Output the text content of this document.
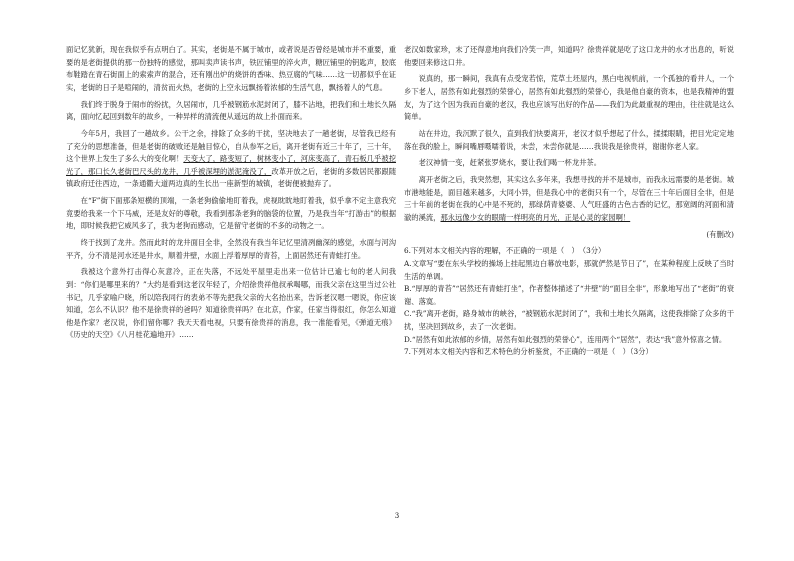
面记忆犹新，现在我似乎有点明白了。其实，老街是不属于城市，或者说是否曾经是城市并不重要，重要的是老街提供的那一份独特的感觉，那叫卖声读书声，铁匠铺里的淬火声，糖匠铺里的钥匙声，胶底布鞋踏在青石街面上的索索声的混合，还有刚出炉的烧饼的香味、热豆腐的气味……这一切都似乎在证实，老街的日子是喧闹的，清贫而火热，老街的上空永远飘扬着浓郁的生活气息，飘扬着人的气息。

我们终于脱身于闹市的纷扰，久居闹市，几乎被钢筋水泥封闭了，膝不沾地，把我们和土地长久隔离，面向忆起回到数年的故乡，一种异样的清流便从遥远的故上扑面而来。

今年5月，我回了一趟故乡。公干之余，排除了众多的干扰，坚决地去了一趟老街，尽管我已经有了充分的思想准备，但是老街的破败还是触目惊心，自从参军之后，离开老街有近三十年了，三十年，这个世界上发生了多么大的变化啊！天变大了，路变短了，树林变小了，河床变高了，青石板几乎被挖光了，那口长久老街巴尺头的龙井，几乎被深埋的淤泥淹没了，改革开放之后，老街的多数居民都跟随镇政府迁往西边，一条通衢大道两边真的生长出一座新型的城镇，老街便被抛弃了。

在“F”街下面那条短横的顶端，一条老狗偷偷地盯着我，虎视眈眈地盯着我，似乎拿不定主意我究竟要给我来一个下马威，还是友好的尊敬，我看到那条老狗的脑袋的位置，乃是我当年“打游击”的根据地，即时候我把它威风多了，我为老狗而感动，它是留守老街的不多的动物之一。

终于找到了龙井。然而此时的龙井面目全非，全然没有我当年记忆里清冽幽深的感觉，水面与河沟平齐，分不清是河水还是井水，顺着井壁，水面上浮着厚厚的青苔，上面居然还有青蛙打坐。

我被这个意外打击得心灰意冷，正在失落，不远处平屋里走出来一位估计已逾七旬的老人问我到：“你们是哪里来的？”大约是看到这老汉年轻了，介绍徐贵祥他叔承喝哪，而我父亲在这里当过公社书记，几乎家喻户晓，所以陪我同行的表弟不等先把我父亲的大名抬出来，告诉老汉嗯一嗯说，你应该知道，怎么不认识？他不是徐贵祥的爸吗？知道徐贵祥吗？在北京，作家，任家当得很红，你怎么知道他是作家？老汉说，你们留你哪？我天天看电视，只要有徐贵祥的消息，我一准能看见，《弹道无痕》《历史的天空》《八月桂花遍地开》……

老汉如数家珍，末了还得意地向我们冷笑一声，知道吗？徐贵祥就是吃了这口龙井的水才出息的，听说他要回来修这口井。

说真的，那一瞬间，我真有点受宠若惊，荒草土坯屋内，黑白电视机前，一个孤独的看井人，一个乡下老人，居然有如此强烈的荣誉心，居然有如此强烈的荣誉心，我是他自豪的资本，也是我精神的盟友，为了这个因为我而自豪的老汉，我也应该写出好的作品——我们为此最重视的理由，往往就是这么简单。

站在井边，我沉默了很久，直到我们快要离开，老汉才似乎想起了什么，揉揉眼睛，把目光定定地落在我的脸上，瞬间嘴唇嗫嚅着说，未尝，未尝你就是……我说我是徐贵祥，谢谢你老人家。

老汉神情一变，赶紧张罗烧水，要让我们喝一杯龙井茶。

离开老街之后，我突然想，其实这么多年来，我想寻找的并不是城市，而我永远需要的是老街。城市港地能是，面目越来越多，大同小异，但是我心中的老街只有一个，尽管在三十年后面目全非，但是三十年前的老街在我的心中是不死的，那绿荫青婆婆、人气旺盛的古色古香的记忆，那宽阔的河面和清澈的溪流，那永远像少女的眼睛一样明亮的月光，正是心灵的家园啊！

(有删改)

6.下列对本文相关内容的理解，不正确的一项是（　）　（3分）

A.文章写“要在东头学校的操场上挂起黑边白幕放电影，那就俨然是节日了”，在某种程度上反映了当时生活的单调。

B.“厚厚的青苔”“居然还有青蛙打坐”，作者整体描述了“井壁”的“面目全非”，形象地写出了“老街”的衰谢、落寞。

C.“我”离开老街，路身城市的峡谷，“被钢筋水泥封闭了”，我和土地长久隔离，这使我排除了众多的干扰，坚决回到故乡，去了一次老街。

D.“居然有如此浓郁的乡情，居然有如此强烈的荣誉心”，连用两个“居然”，表达“我”意外惊喜之情。

7.下列对本文相关内容和艺术特色的分析鉴赏，不正确的一项是（　）（3分）

3
